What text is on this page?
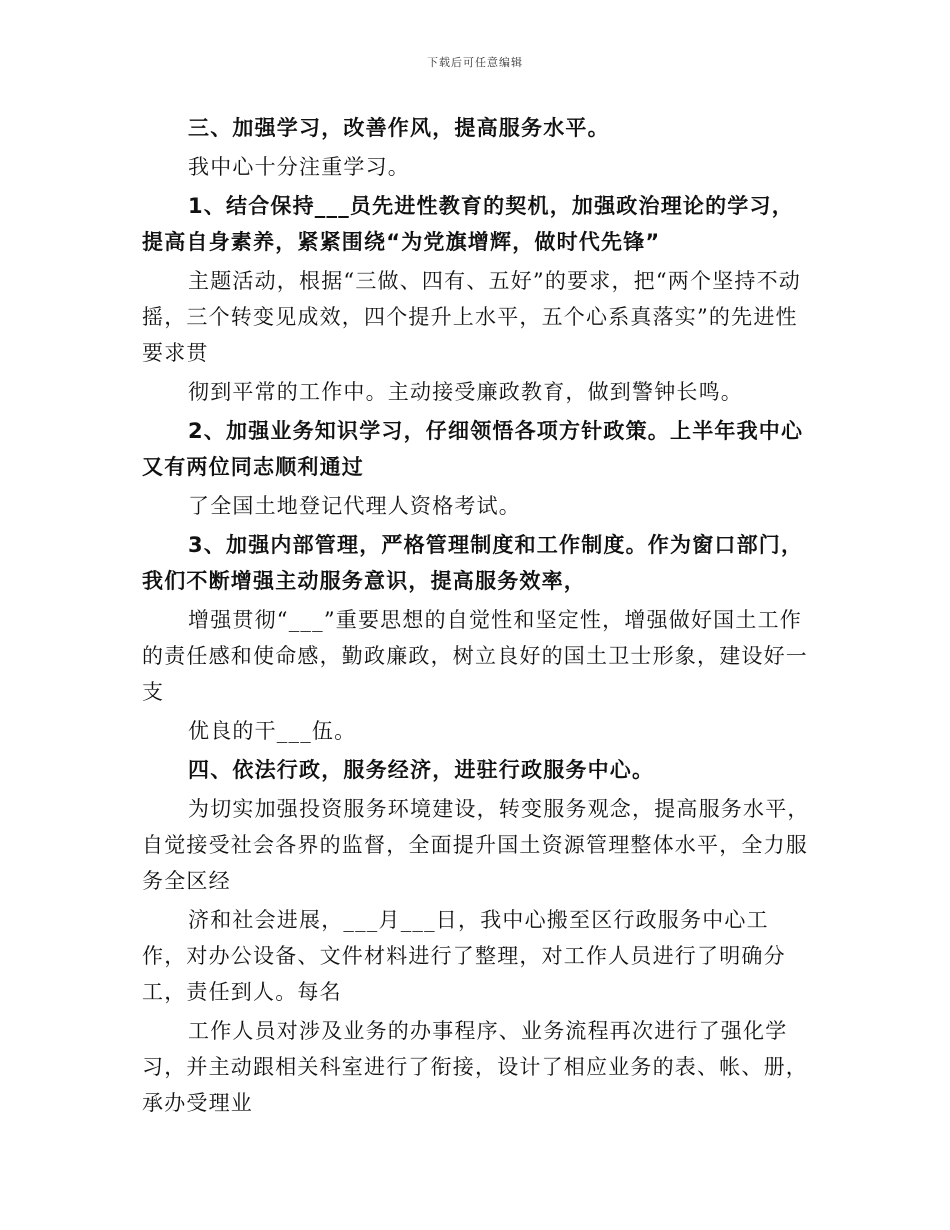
下载后可任意编辑

三、加强学习，改善作风，提高服务水平。

我中心十分注重学习。

1、结合保持___员先进性教育的契机，加强政治理论的学习，提高自身素养，紧紧围绕“为党旗增辉，做时代先锋”

主题活动，根据“三做、四有、五好”的要求，把“两个坚持不动摇，三个转变见成效，四个提升上水平，五个心系真落实”的先进性要求贯

彻到平常的工作中。主动接受廉政教育，做到警钟长鸣。

2、加强业务知识学习，仔细领悟各项方针政策。上半年我中心又有两位同志顺利通过

了全国土地登记代理人资格考试。

3、加强内部管理，严格管理制度和工作制度。作为窗口部门，我们不断增强主动服务意识，提高服务效率，

增强贯彻“___”重要思想的自觉性和坚定性，增强做好国土工作的责任感和使命感，勤政廉政，树立良好的国土卫士形象，建设好一支

优良的干___伍。

四、依法行政，服务经济，进驻行政服务中心。

为切实加强投资服务环境建设，转变服务观念，提高服务水平，自觉接受社会各界的监督，全面提升国土资源管理整体水平，全力服务全区经

济和社会进展，___月___日，我中心搬至区行政服务中心工作，对办公设备、文件材料进行了整理，对工作人员进行了明确分工，责任到人。每名

工作人员对涉及业务的办事程序、业务流程再次进行了强化学习，并主动跟相关科室进行了衔接，设计了相应业务的表、帐、册，承办受理业
